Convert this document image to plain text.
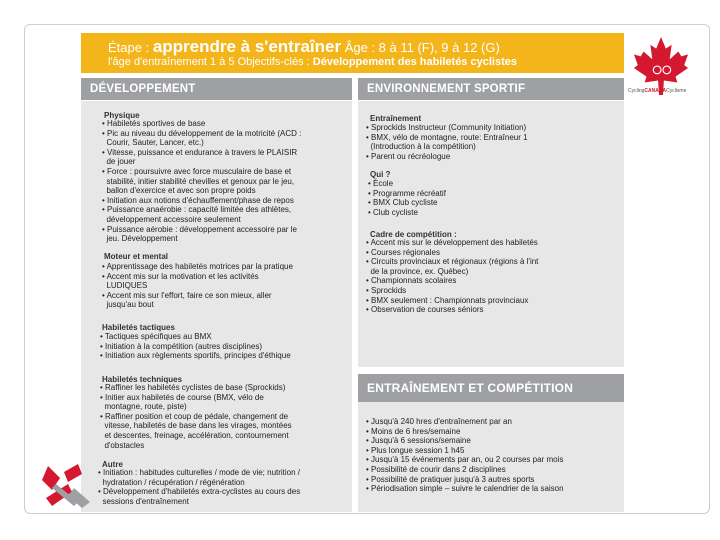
Étape : apprendre à s'entraîner Âge : 8 à 11 (F), 9 à 12 (G)
l'âge d'entraînement 1 à 5 Objectifs-clés : Développement des habiletés cyclistes
CyclingCANADACyclisme
DÉVELOPPEMENT
Physique
• Habiletés sportives de base
• Pic au niveau du développement de la motricité (ACD :
Courir, Sauter, Lancer, etc.)
• Vitesse, puissance et endurance à travers le PLAISIR
de jouer
• Force : poursuivre avec force musculaire de base et
stabilité, initier stabilité chevilles et genoux par le jeu,
ballon d'exercice et avec son propre poids
• Initiation aux notions d'échauffement/phase de repos
• Puissance anaérobie : capacité limitée des athlètes,
développement accessoire seulement
• Puissance aérobie : développement accessoire par le
jeu. Développement
Moteur et mental
• Apprentissage des habiletés motrices par la pratique
• Accent mis sur la motivation et les activités
LUDIQUES
• Accent mis sur l'effort, faire ce son mieux, aller
jusqu'au bout
Habiletés tactiques
• Tactiques spécifiques au BMX
• Initiation à la compétition (autres disciplines)
• Initiation aux règlements sportifs, principes d'éthique
Habiletés techniques
• Raffiner les habiletés cyclistes de base (Sprockids)
• Initier aux habiletés de course (BMX, vélo de
montagne, route, piste)
• Raffiner position et coup de pédale, changement de
vitesse, habiletés de base dans les virages, montées
et descentes, freinage, accélération, contournement
d'obstacles
Autre
• Initiation : habitudes culturelles / mode de vie; nutrition /
hydratation / récupération / régénération
• Développement d'habiletés extra-cyclistes au cours des
sessions d'entraînement
ENVIRONNEMENT SPORTIF
Entraînement
• Sprockids Instructeur (Community Initiation)
• BMX, vélo de montagne, route: Entraîneur 1
(Introduction à la compétition)
• Parent ou récréologue
Qui ?
• École
• Programme récréatif
• BMX Club cycliste
• Club cycliste
Cadre de compétition :
• Accent mis sur le développement des habiletés
• Courses régionales
• Circuits provinciaux et régionaux (régions à l'int
de la province, ex. Québec)
• Championnats scolaires
• Sprockids
• BMX seulement : Championnats provinciaux
• Observation de courses séniors
ENTRAÎNEMENT ET COMPÉTITION
• Jusqu'à 240 hres d'entraînement par an
• Moins de 6 hres/semaine
• Jusqu'à 6 sessions/semaine
• Plus longue session 1 h45
• Jusqu'à 15 événements par an, ou 2 courses par mois
• Possibilité de courir dans 2 disciplines
• Possibilité de pratiquer jusqu'à 3 autres sports
• Périodisation simple – suivre le calendrier de la saison
